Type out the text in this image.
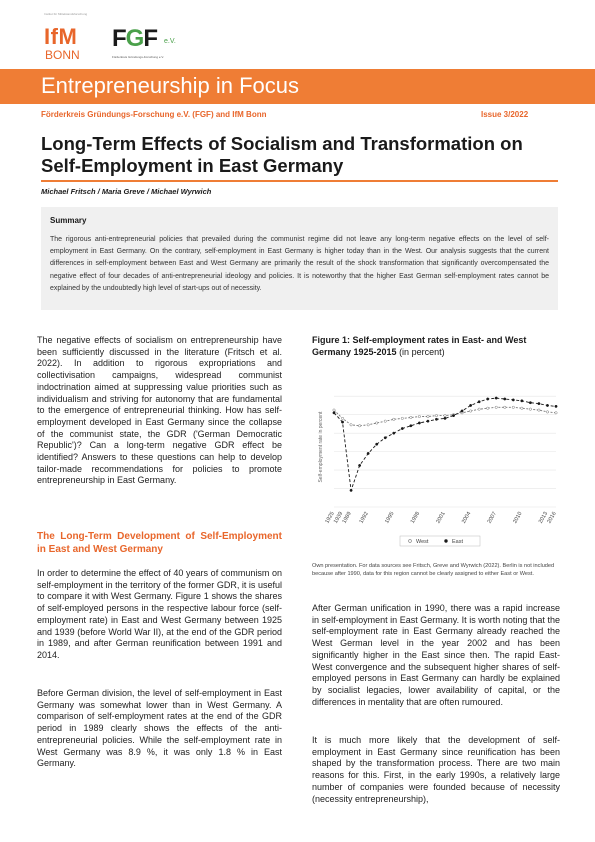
Institut für Mittelstandsforschung
IfM
BONN
FGF e.V.
Förderkreis Gründungs-Forschung e.V.
Entrepreneurship in Focus
Förderkreis Gründungs-Forschung e.V. (FGF) and IfM Bonn	Issue 3/2022
Long-Term Effects of Socialism and Transformation on Self-Employment in East Germany
Michael Fritsch / Maria Greve / Michael Wyrwich
Summary
The rigorous anti-entrepreneurial policies that prevailed during the communist regime did not leave any long-term negative effects on the level of self-employment in East Germany. On the contrary, self-employment in East Germany is higher today than in the West. Our analysis suggests that the current differences in self-employment between East and West Germany are primarily the result of the shock transformation that significantly overcompensated the negative effect of four decades of anti-entrepreneurial ideology and policies. It is noteworthy that the higher East German self-employment rates cannot be explained by the undoubtedly high level of start-ups out of necessity.
The negative effects of socialism on entrepreneurship have been sufficiently discussed in the literature (Fritsch et al. 2022). In addition to rigorous expropriations and collectivisation campaigns, widespread communist indoctrination aimed at suppressing value priorities such as individualism and striving for autonomy that are fundamental to the emergence of entrepreneurial thinking. How has self-employment developed in East Germany since the collapse of the communist state, the GDR ('German Democratic Republic')? Can a long-term negative GDR effect be identified? Answers to these questions can help to develop tailor-made recommendations for policies to promote entrepreneurship in East Germany.
The Long-Term Development of Self-Employment in East and West Germany
In order to determine the effect of 40 years of communism on self-employment in the territory of the former GDR, it is useful to compare it with West Germany. Figure 1 shows the shares of self-employed persons in the respective labour force (self-employment rate) in East and West Germany between 1925 and 1939 (before World War II), at the end of the GDR period in 1989, and after German reunification between 1991 and 2014.
Before German division, the level of self-employment in East Germany was somewhat lower than in West Germany. A comparison of self-employment rates at the end of the GDR period in 1989 clearly shows the effects of the anti-entrepreneurial policies. While the self-employment rate in West Germany was 8.9 %, it was only 1.8 % in East Germany.
Figure 1: Self-employment rates in East- and West Germany 1925-2015 (in percent)
Self-employment rate in percent
1925
1939
1989 1992	1995	1998	2001	2004	2007	2010	2013
2016
West	East
Own presentation. For data sources see Fritsch, Greve and Wyrwich (2022). Berlin is not included because after 1990, data for this region cannot be clearly assigned to either East or West.
After German unification in 1990, there was a rapid increase in self-employment in East Germany. It is worth noting that the self-employment rate in East Germany already reached the West German level in the year 2002 and has been significantly higher in the East since then. The rapid East-West convergence and the subsequent higher shares of self-employed persons in East Germany can hardly be explained by socialist legacies, lower availability of capital, or the differences in mentality that are often rumoured.
It is much more likely that the development of self-employment in East Germany since reunification has been shaped by the transformation process. There are two main reasons for this. First, in the early 1990s, a relatively large number of companies were founded because of necessity (necessity entrepreneurship),
